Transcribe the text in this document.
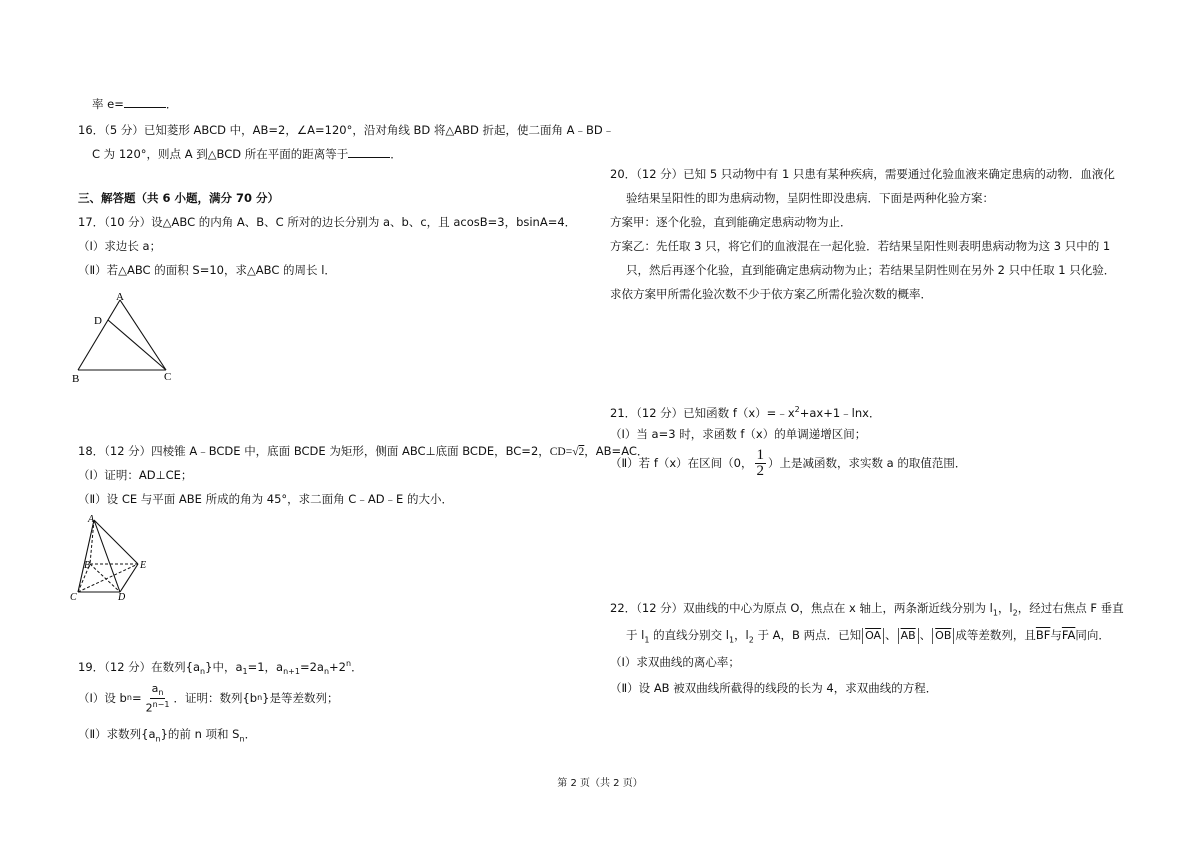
率 e=	．
16．（5 分）已知菱形 ABCD 中，AB=2，∠A=120°，沿对角线 BD 将△ABD 折起，使二面角 A﹣BD﹣
C 为 120°，则点 A 到△BCD 所在平面的距离等于	．
三、解答题（共 6 小题，满分 70 分）
17．（10 分）设△ABC 的内角 A、B、C 所对的边长分别为 a、b、c，且 acosB=3，bsinA=4．
（Ⅰ）求边长 a；
（Ⅱ）若△ABC 的面积 S=10，求△ABC 的周长 l．
A
D
B	C
18．（12 分）四棱锥 A﹣BCDE 中，底面 BCDE 为矩形，侧面 ABC⊥底面 BCDE，BC=2，CD=√2，AB=AC．
（Ⅰ）证明：AD⊥CE；
（Ⅱ）设 CE 与平面 ABE 所成的角为 45°，求二面角 C﹣AD﹣E 的大小．
A
B	E
C	D
19．（12 分）在数列$\{a_n\}$中，$a_1=1$，$a_{n+1}=2a_n+2^n$．
（Ⅰ）设 b $n = \frac{a_n}{2^{n-1}}$ ．证明：数列{b n }是等差数列；
（Ⅱ）求数列$\{a_n\}$的前 n 项和 $S_n$．
20．（12 分）已知 5 只动物中有 1 只患有某种疾病，需要通过化验血液来确定患病的动物．血液化
验结果呈阳性的即为患病动物，呈阴性即没患病．下面是两种化验方案：
方案甲：逐个化验，直到能确定患病动物为止．
方案乙：先任取 3 只，将它们的血液混在一起化验．若结果呈阳性则表明患病动物为这 3 只中的 1
只，然后再逐个化验，直到能确定患病动物为止；若结果呈阴性则在另外 2 只中任取 1 只化验．
求依方案甲所需化验次数不少于依方案乙所需化验次数的概率．
21．（12 分）已知函数 $f(x)=﹣x^2+ax+1﹣\ln x$．
（Ⅰ）当 a=3 时，求函数 f（x）的单调递增区间；
（Ⅱ）若 f（x）在区间（0， $\frac{1}{2}$ ）上是减函数，求实数 a 的取值范围．
22．（12 分）双曲线的中心为原点 O，焦点在 x 轴上，两条渐近线分别为 $l_1$，$l_2$，经过右焦点 F 垂直
于 $l_1$ 的直线分别交 $l_1$，$l_2$ 于 A，B 两点．已知 $\overline{OA}$ 、 $\overline{AB}$ 、 $\overline{OB}$ 成等差数列，且$\overline{BF}$与$\overline{FA}$同向．
（Ⅰ）求双曲线的离心率；
（Ⅱ）设 AB 被双曲线所截得的线段的长为 4，求双曲线的方程．
第 2 页（共 2 页）
